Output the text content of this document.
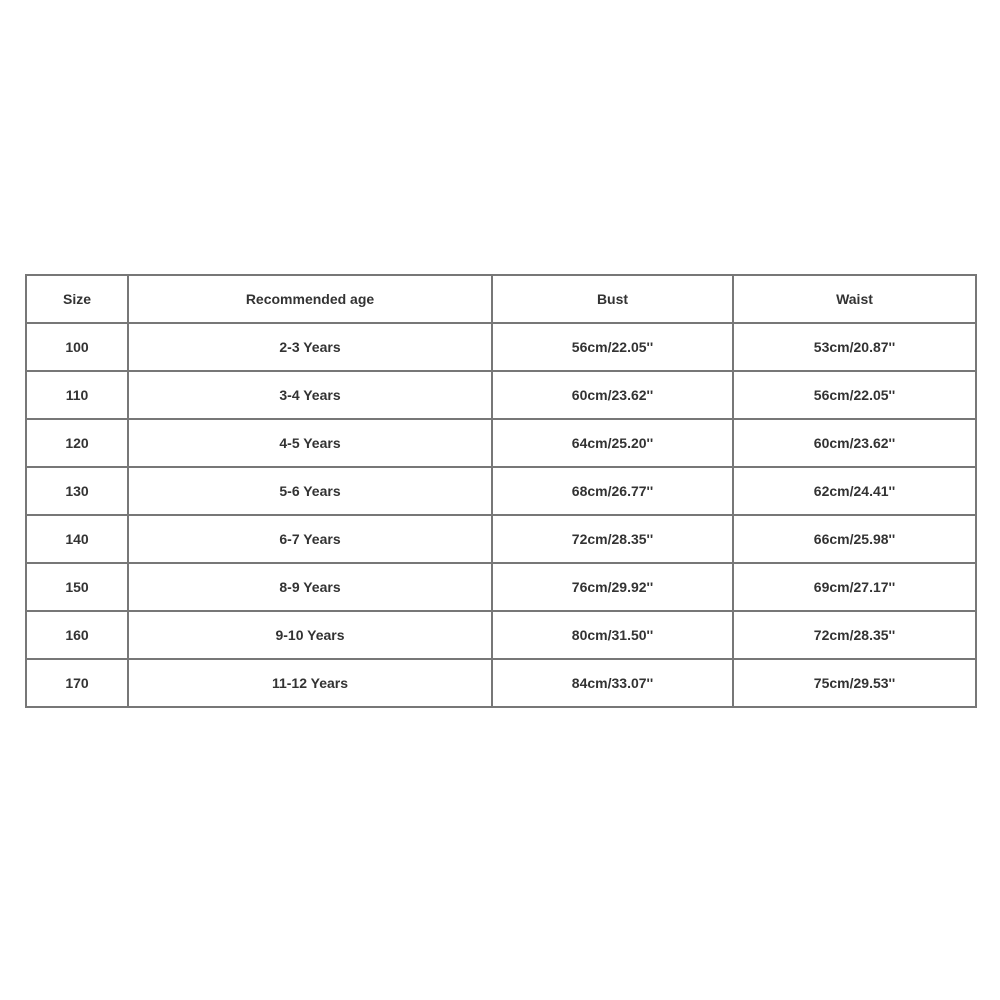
Size	Recommended age	Bust	Waist
100	2-3 Years	56cm/22.05''	53cm/20.87''
110	3-4 Years	60cm/23.62''	56cm/22.05''
120	4-5 Years	64cm/25.20''	60cm/23.62''
130	5-6 Years	68cm/26.77''	62cm/24.41''
140	6-7 Years	72cm/28.35''	66cm/25.98''
150	8-9 Years	76cm/29.92''	69cm/27.17''
160	9-10 Years	80cm/31.50''	72cm/28.35''
170	11-12 Years	84cm/33.07''	75cm/29.53''
